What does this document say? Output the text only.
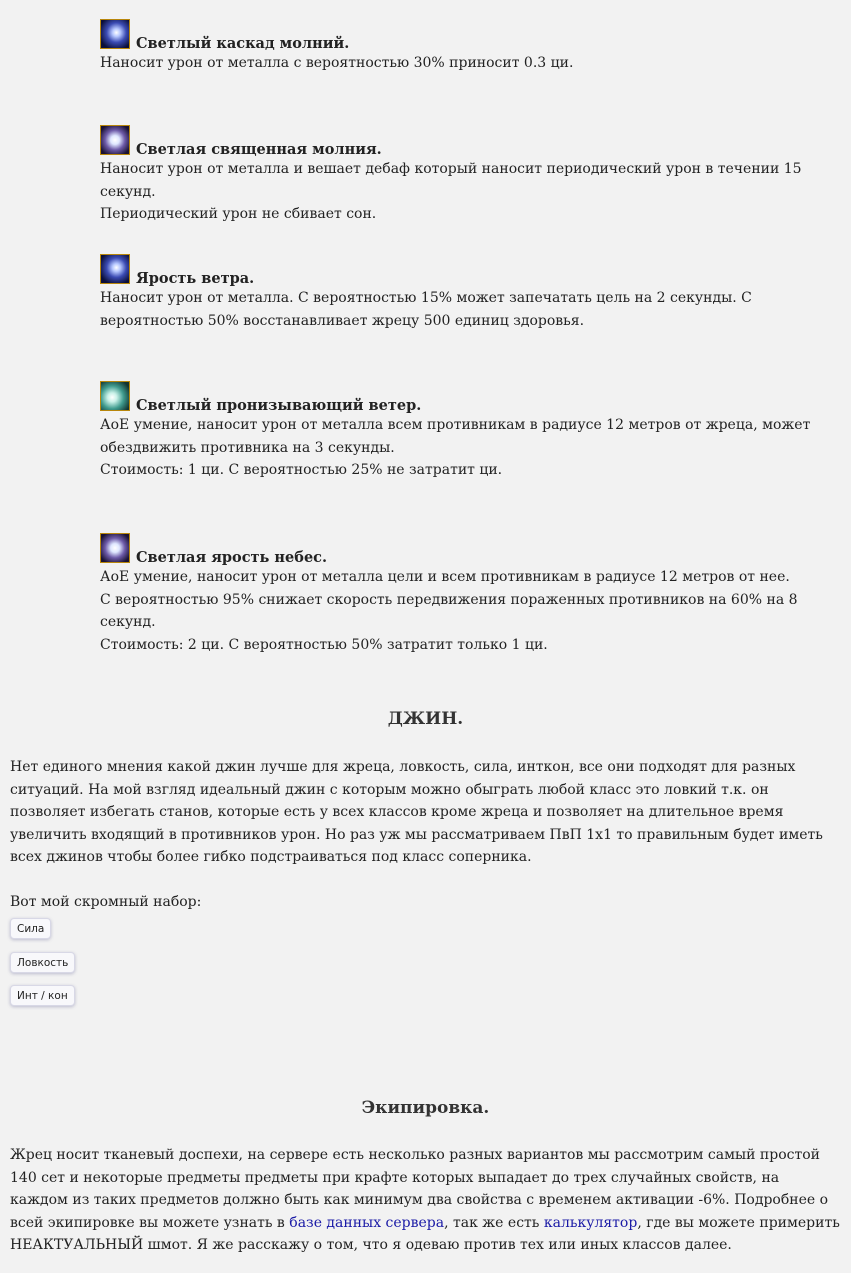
Светлый каскад молний.

Наносит урон от металла с вероятностью 30% приносит 0.3 ци.

Светлая священная молния.

Наносит урон от металла и вешает дебаф который наносит периодический урон в течении 15 секунд.
Периодический урон не сбивает сон.

Ярость ветра.

Наносит урон от металла. С вероятностью 15% может запечатать цель на 2 секунды. С вероятностью 50% восстанавливает жрецу 500 единиц здоровья.

Светлый пронизывающий ветер.

АоЕ умение, наносит урон от металла всем противникам в радиусе 12 метров от жреца, может обездвижить противника на 3 секунды.
Стоимость: 1 ци. С вероятностью 25% не затратит ци.

Светлая ярость небес.

АоЕ умение, наносит урон от металла цели и всем противникам в радиусе 12 метров от нее.
С вероятностью 95% снижает скорость передвижения пораженных противников на 60% на 8 секунд.
Стоимость: 2 ци. С вероятностью 50% затратит только 1 ци.

ДЖИН.

Нет единого мнения какой джин лучше для жреца, ловкость, сила, инткон, все они подходят для разных ситуаций. На мой взгляд идеальный джин с которым можно обыграть любой класс это ловкий т.к. он позволяет избегать станов, которые есть у всех классов кроме жреца и позволяет на длительное время увеличить входящий в противников урон. Но раз уж мы рассматриваем ПвП 1х1 то правильным будет иметь всех джинов чтобы более гибко подстраиваться под класс соперника.

Вот мой скромный набор:

Сила
Ловкость
Инт / кон
Экипировка.

Жрец носит тканевый доспехи, на сервере есть несколько разных вариантов мы рассмотрим самый простой 140 сет и некоторые предметы предметы при крафте которых выпадает до трех случайных свойств, на каждом из таких предметов должно быть как минимум два свойства с временем активации -6%. Подробнее о всей экипировке вы можете узнать в базе данных сервера, так же есть калькулятор, где вы можете примерить НЕАКТУАЛЬНЫЙ шмот. Я же расскажу о том, что я одеваю против тех или иных классов далее.
